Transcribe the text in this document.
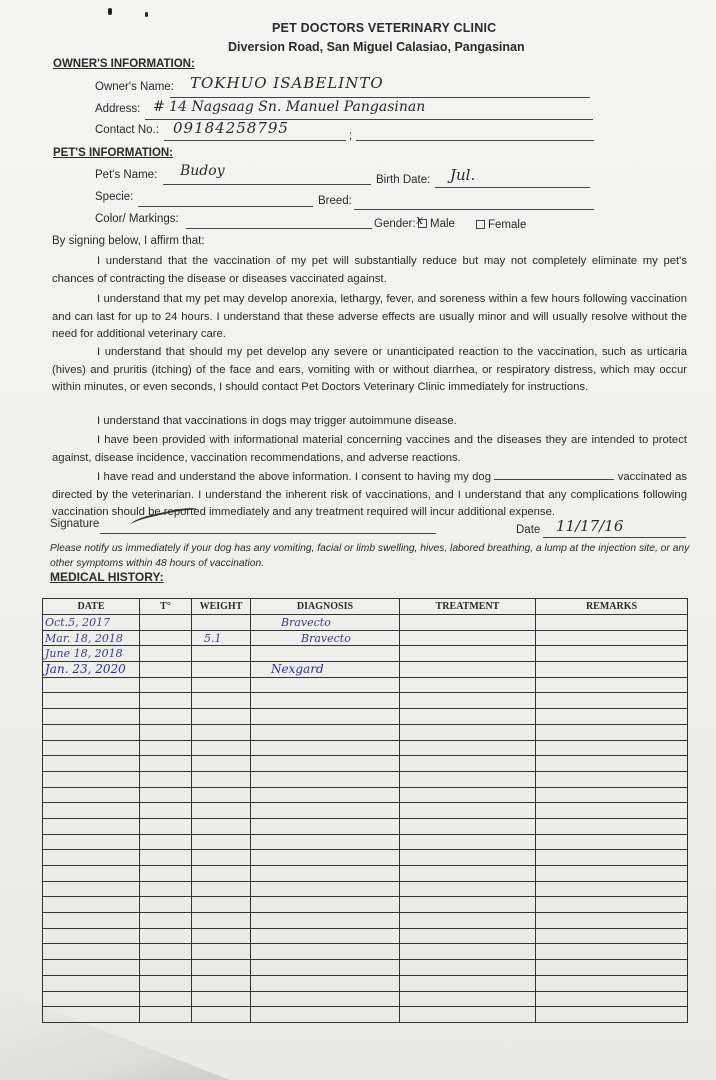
PET DOCTORS VETERINARY CLINIC
Diversion Road, San Miguel Calasiao, Pangasinan
OWNER'S INFORMATION:
Owner's Name: TOKHUO ISABELINTO
Address: # 14 Nagsaag Sn. Manuel Pangasinan
Contact No.:	;
09184258795
PET'S INFORMATION:
Pet's Name: Budoy
Birth Date: Jul.
Specie:	Breed:
Color/ Markings:	Gender:	Male
x	Female
By signing below, I affirm that:
I understand that the vaccination of my pet will substantially reduce but may not completely eliminate my pet's chances of contracting the disease or diseases vaccinated against.
I understand that my pet may develop anorexia, lethargy, fever, and soreness within a few hours following vaccination and can last for up to 24 hours. I understand that these adverse effects are usually minor and will usually resolve without the need for additional veterinary care.
I understand that should my pet develop any severe or unanticipated reaction to the vaccination, such as urticaria (hives) and pruritis (itching) of the face and ears, vomiting with or without diarrhea, or respiratory distress, which may occur within minutes, or even seconds, I should contact Pet Doctors Veterinary Clinic immediately for instructions.
I understand that vaccinations in dogs may trigger autoimmune disease.
I have been provided with informational material concerning vaccines and the diseases they are intended to protect against, disease incidence, vaccination recommendations, and adverse reactions.
I have read and understand the above information. I consent to having my dog	vaccinated as directed by the veterinarian. I understand the inherent risk of vaccinations, and I understand that any complications following vaccination should be reported immediately and any treatment required will incur additional expense.
Signature	Date 11/17/16
Please notify us immediately if your dog has any vomiting, facial or limb swelling, hives, labored breathing, a lump at the injection site, or any other symptoms within 48 hours of vaccination.
MEDICAL HISTORY:
DATE	T°	WEIGHT	DIAGNOSIS	TREATMENT	REMARKS
Oct.5, 2017			Bravecto		
Mar. 18, 2018		5.1	Bravecto		
June 18, 2018					
Jan. 23, 2020			Nexgard		
